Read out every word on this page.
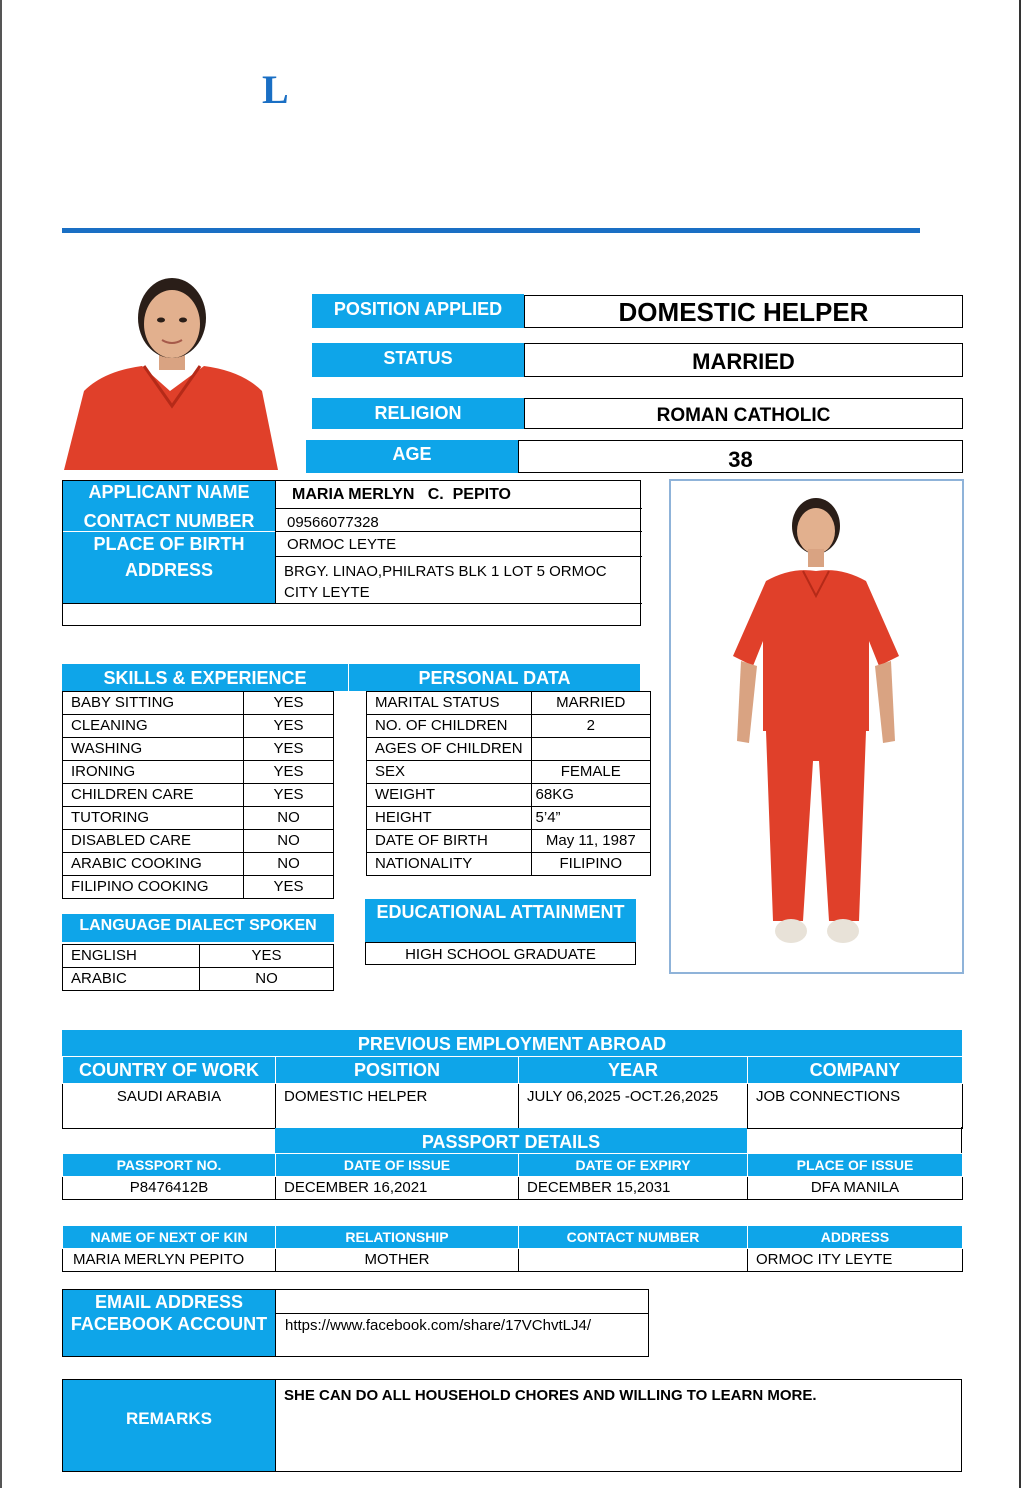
L
POSITION APPLIED	DOMESTIC HELPER
STATUS	MARRIED
RELIGION	ROMAN CATHOLIC
AGE	38
APPLICANT NAME	MARIA MERLYN   C.  PEPITO
CONTACT NUMBER	09566077328
PLACE OF BIRTH	ORMOC LEYTE
ADDRESS	BRGY. LINAO,PHILRATS BLK 1 LOT 5 ORMOC CITY LEYTE
SKILLS & EXPERIENCE	PERSONAL DATA
BABY SITTING	YES
CLEANING	YES
WASHING	YES
IRONING	YES
CHILDREN CARE	YES
TUTORING	NO
DISABLED CARE	NO
ARABIC COOKING	NO
FILIPINO COOKING	YES
MARITAL STATUS	MARRIED
NO. OF CHILDREN	2
AGES OF CHILDREN	
SEX	FEMALE
WEIGHT	68KG
HEIGHT	5’4”
DATE OF BIRTH	May 11, 1987
NATIONALITY	FILIPINO
LANGUAGE DIALECT SPOKEN
ENGLISH	YES
ARABIC	NO
EDUCATIONAL ATTAINMENT
HIGH SCHOOL GRADUATE
PREVIOUS EMPLOYMENT ABROAD
COUNTRY OF WORK	POSITION	YEAR	COMPANY
SAUDI ARABIA	DOMESTIC HELPER	JULY 06,2025 -OCT.26,2025	JOB CONNECTIONS
PASSPORT DETAILS
PASSPORT NO.	DATE OF ISSUE	DATE OF EXPIRY	PLACE OF ISSUE
P8476412B	DECEMBER 16,2021	DECEMBER 15,2031	DFA MANILA
NAME OF NEXT OF KIN	RELATIONSHIP	CONTACT NUMBER	ADDRESS
MARIA MERLYN PEPITO	MOTHER		ORMOC ITY LEYTE
EMAIL ADDRESS
FACEBOOK ACCOUNT	https://www.facebook.com/share/17VChvtLJ4/
REMARKS
SHE CAN DO ALL HOUSEHOLD CHORES AND WILLING TO LEARN MORE.
